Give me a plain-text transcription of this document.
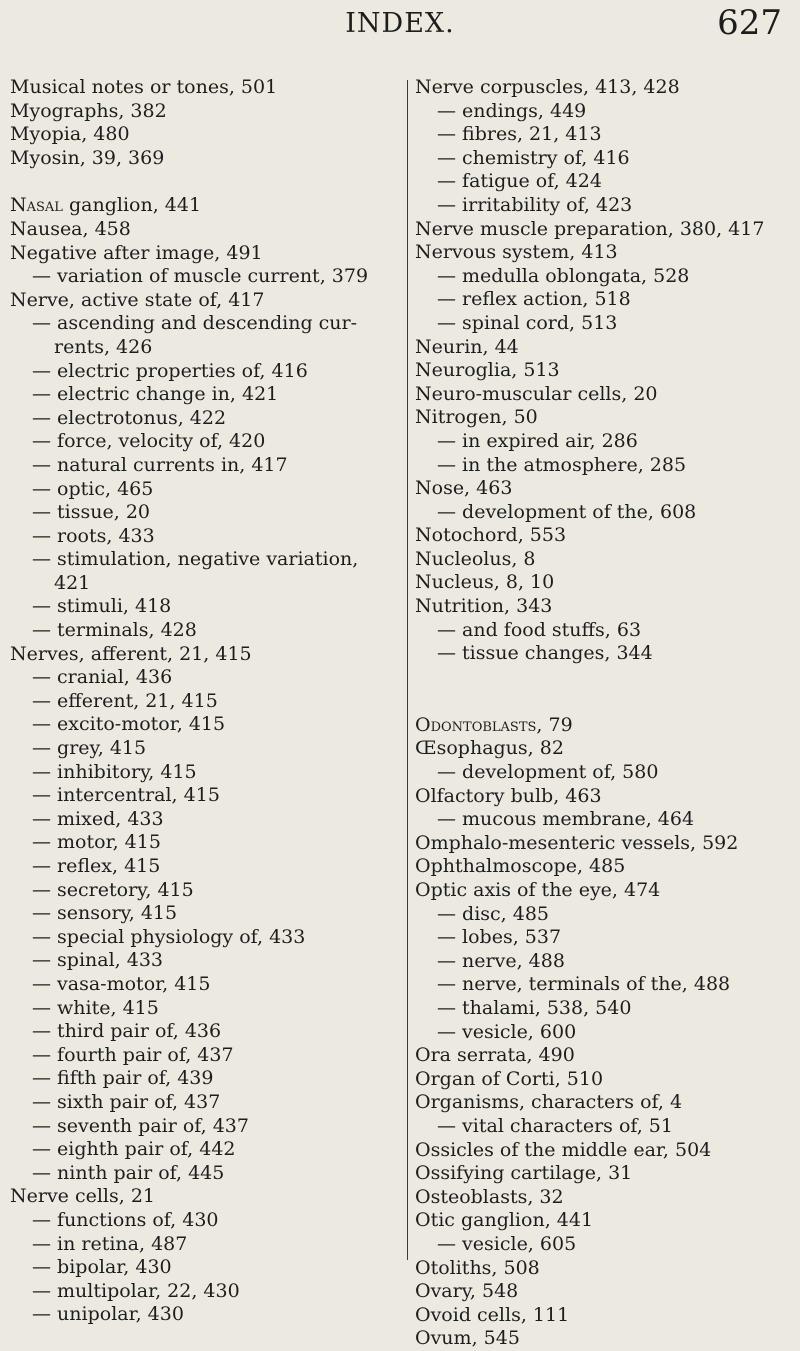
INDEX.	627
Musical notes or tones, 501
Myographs, 382
Myopia, 480
Myosin, 39, 369
Nasal ganglion, 441
Nausea, 458
Negative after image, 491
— variation of muscle current, 379
Nerve, active state of, 417
— ascending and descending cur-
rents, 426
— electric properties of, 416
— electric change in, 421
— electrotonus, 422
— force, velocity of, 420
— natural currents in, 417
— optic, 465
— tissue, 20
— roots, 433
— stimulation, negative variation,
421
— stimuli, 418
— terminals, 428
Nerves, afferent, 21, 415
— cranial, 436
— efferent, 21, 415
— excito-motor, 415
— grey, 415
— inhibitory, 415
— intercentral, 415
— mixed, 433
— motor, 415
— reflex, 415
— secretory, 415
— sensory, 415
— special physiology of, 433
— spinal, 433
— vasa-motor, 415
— white, 415
— third pair of, 436
— fourth pair of, 437
— fifth pair of, 439
— sixth pair of, 437
— seventh pair of, 437
— eighth pair of, 442
— ninth pair of, 445
Nerve cells, 21
— functions of, 430
— in retina, 487
— bipolar, 430
— multipolar, 22, 430
— unipolar, 430
Nerve corpuscles, 413, 428
— endings, 449
— fibres, 21, 413
— chemistry of, 416
— fatigue of, 424
— irritability of, 423
Nerve muscle preparation, 380, 417
Nervous system, 413
— medulla oblongata, 528
— reflex action, 518
— spinal cord, 513
Neurin, 44
Neuroglia, 513
Neuro-muscular cells, 20
Nitrogen, 50
— in expired air, 286
— in the atmosphere, 285
Nose, 463
— development of the, 608
Notochord, 553
Nucleolus, 8
Nucleus, 8, 10
Nutrition, 343
— and food stuffs, 63
— tissue changes, 344
Odontoblasts, 79
Œsophagus, 82
— development of, 580
Olfactory bulb, 463
— mucous membrane, 464
Omphalo-mesenteric vessels, 592
Ophthalmoscope, 485
Optic axis of the eye, 474
— disc, 485
— lobes, 537
— nerve, 488
— nerve, terminals of the, 488
— thalami, 538, 540
— vesicle, 600
Ora serrata, 490
Organ of Corti, 510
Organisms, characters of, 4
— vital characters of, 51
Ossicles of the middle ear, 504
Ossifying cartilage, 31
Osteoblasts, 32
Otic ganglion, 441
— vesicle, 605
Otoliths, 508
Ovary, 548
Ovoid cells, 111
Ovum, 545
